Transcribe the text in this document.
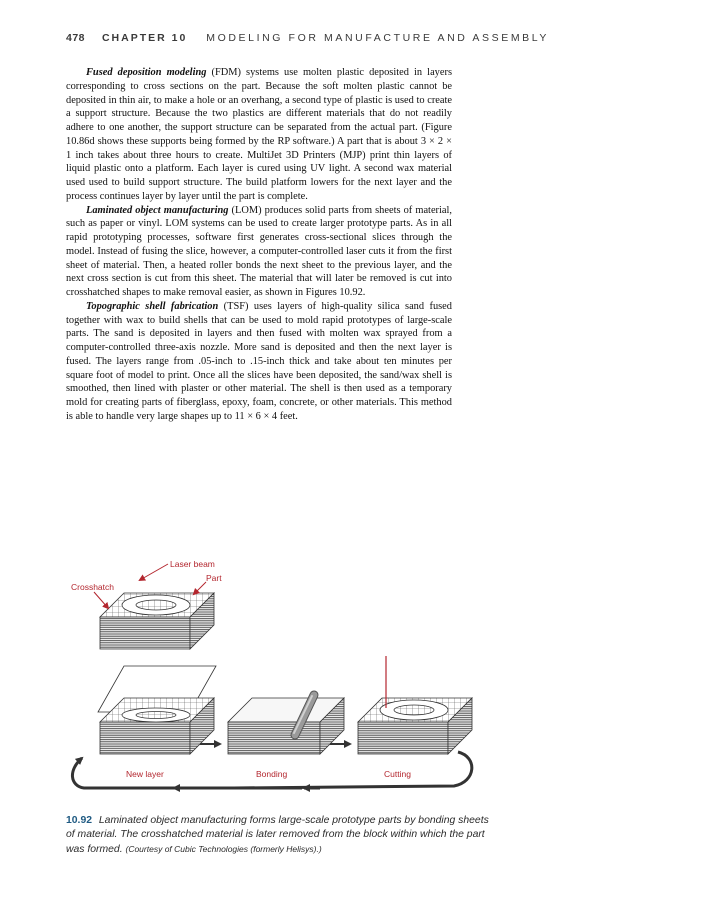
478 CHAPTER 10 MODELING FOR MANUFACTURE AND ASSEMBLY

Fused deposition modeling (FDM) systems use molten plastic deposited in layers corresponding to cross sections on the part. Because the soft molten plastic cannot be deposited in thin air, to make a hole or an overhang, a second type of plastic is used to create a support structure. Because the two plastics are different materials that do not readily adhere to one another, the support structure can be separated from the actual part. (Figure 10.86d shows these supports being formed by the RP software.) A part that is about 3 × 2 × 1 inch takes about three hours to create. MultiJet 3D Printers (MJP) print thin layers of liquid plastic onto a platform. Each layer is cured using UV light. A second wax material used used to build support structure. The build platform lowers for the next layer and the process continues layer by layer until the part is complete.

Laminated object manufacturing (LOM) produces solid parts from sheets of material, such as paper or vinyl. LOM systems can be used to create larger prototype parts. As in all rapid prototyping processes, software first generates cross-sectional slices through the model. Instead of fusing the slice, however, a computer-controlled laser cuts it from the first sheet of material. Then, a heated roller bonds the next sheet to the previous layer, and the next cross section is cut from this sheet. The material that will later be removed is cut into crosshatched shapes to make removal easier, as shown in Figures 10.92.

Topographic shell fabrication (TSF) uses layers of high-quality silica sand fused together with wax to build shells that can be used to mold rapid prototypes of large-scale parts. The sand is deposited in layers and then fused with molten wax sprayed from a computer-controlled three-axis nozzle. More sand is deposited and then the next layer is fused. The layers range from .05-inch to .15-inch thick and take about ten minutes per square foot of model to print. Once all the slices have been deposited, the sand/wax shell is smoothed, then lined with plaster or other material. The shell is then used as a temporary mold for creating parts of fiberglass, epoxy, foam, concrete, or other materials. This method is able to handle very large shapes up to 11 × 6 × 4 feet.

Laser beam
Part
Crosshatch
New layer	Bonding	Cutting
10.92 Laminated object manufacturing forms large-scale prototype parts by bonding sheets of material. The crosshatched material is later removed from the block within which the part was formed. (Courtesy of Cubic Technologies (formerly Helisys).)
